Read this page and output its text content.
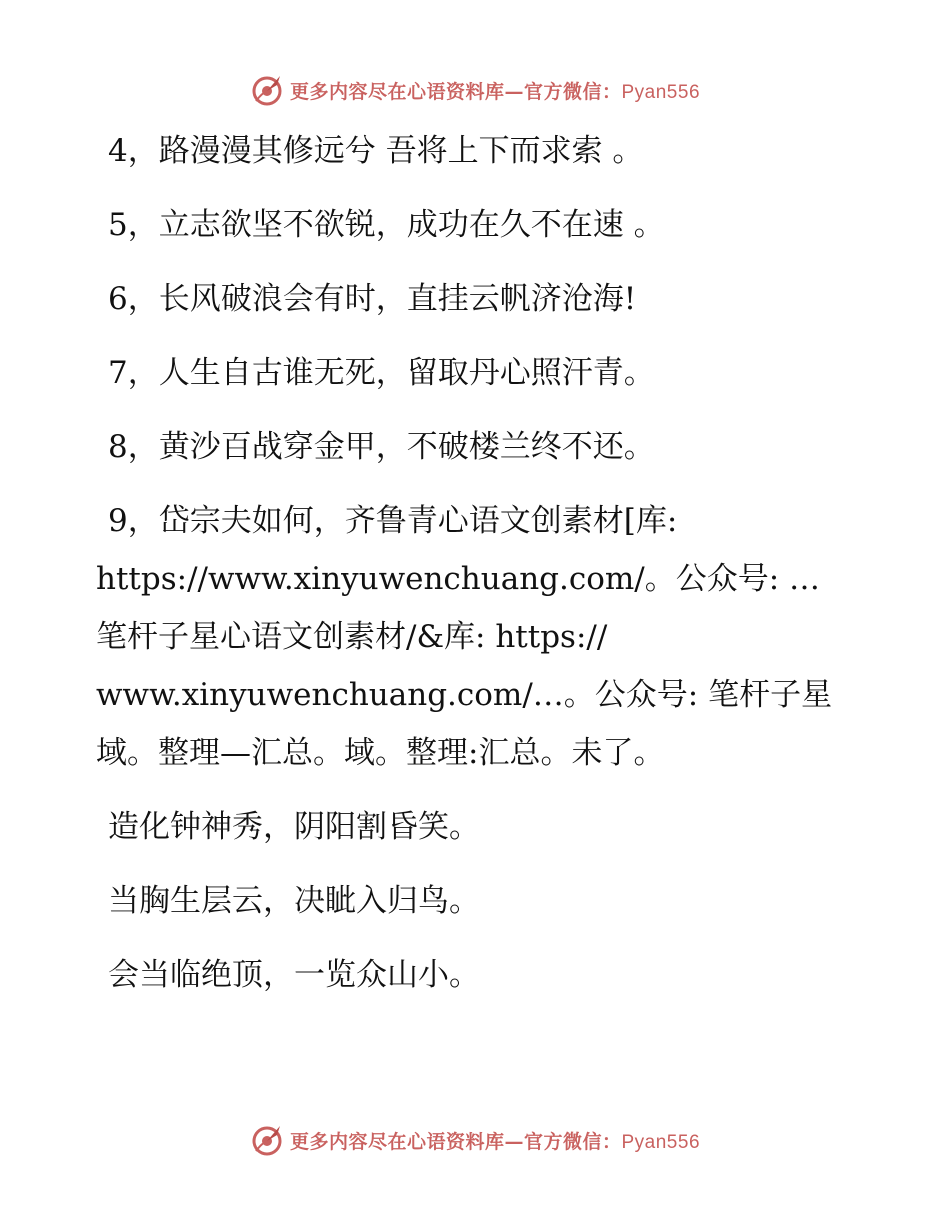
更多内容尽在心语资料库—官方微信：Pyan556

4，路漫漫其修远兮 吾将上下而求索 。

5，立志欲坚不欲锐，成功在久不在速 。

6，长风破浪会有时，直挂云帆济沧海!

7，人生自古谁无死，留取丹心照汗青。

8，黄沙百战穿金甲，不破楼兰终不还。

9，岱宗夫如何，齐鲁青心语文创素材[库:
https://www.xinyuwenchuang.com/。公众号: …
笔杆子星心语文创素材/&库: https://
www.xinyuwenchuang.com/…。公众号: 笔杆子星
域。整理—汇总。域。整理:汇总。未了。

造化钟神秀，阴阳割昏笑。

当胸生层云，决眦入归鸟。

会当临绝顶，一览众山小。

更多内容尽在心语资料库—官方微信：Pyan556
